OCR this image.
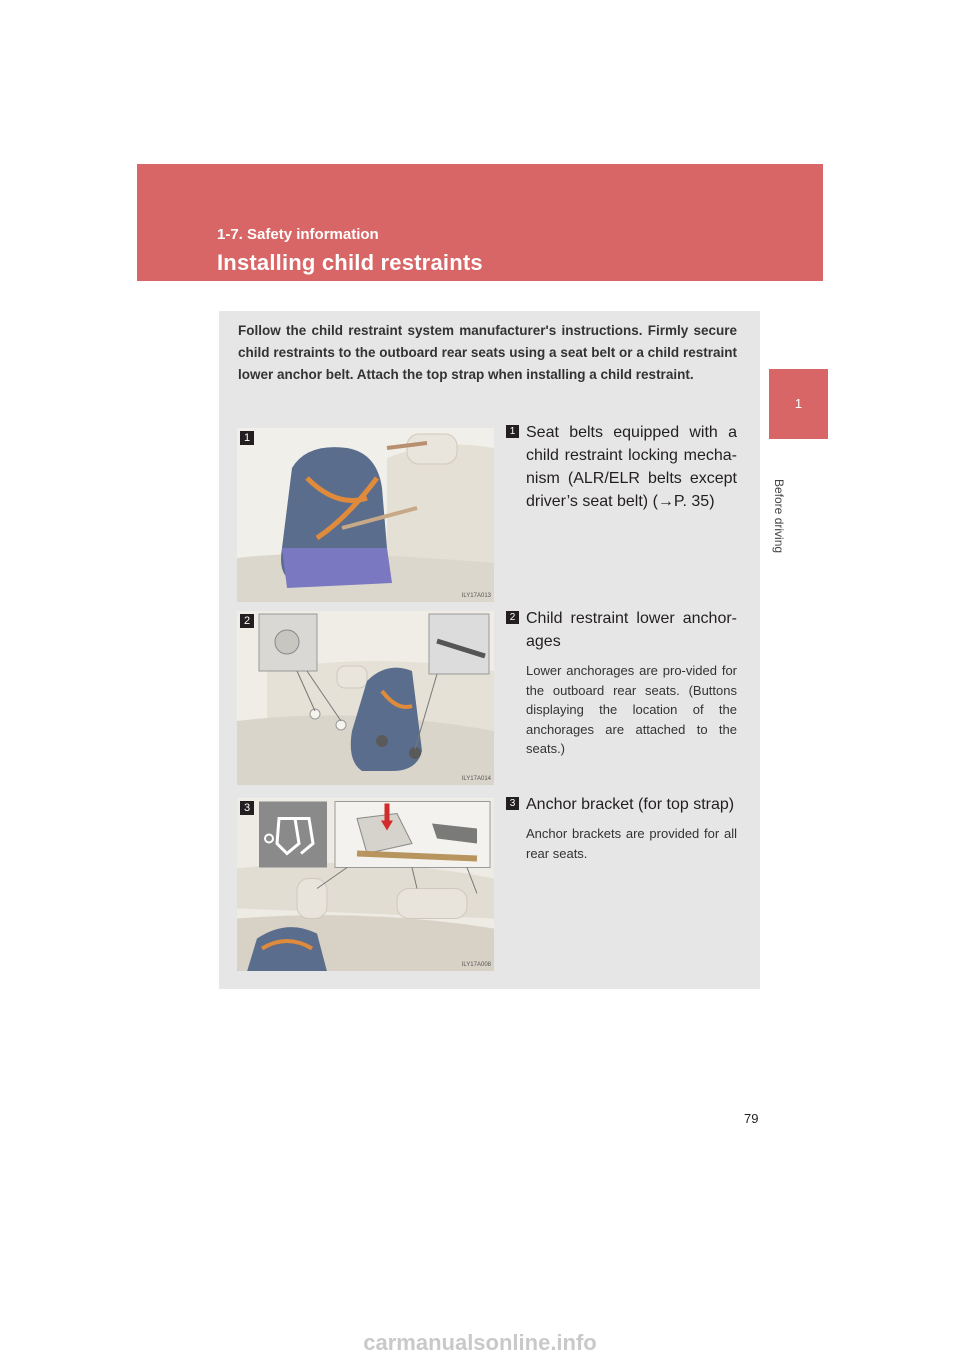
1-7. Safety information
Installing child restraints
1
Before driving
Follow the child restraint system manufacturer's instructions. Firmly secure child restraints to the outboard rear seats using a seat belt or a child restraint lower anchor belt. Attach the top strap when installing a child restraint.
1
ILY17A013
1 Seat belts equipped with a child restraint locking mecha-nism (ALR/ELR belts except driver’s seat belt) (→P. 35)
2
ILY17A014
2 Child restraint lower anchor-ages
Lower anchorages are pro-vided for the outboard rear seats. (Buttons displaying the location of the anchorages are attached to the seats.)
3
ILY17A008
3 Anchor bracket (for top strap)
Anchor brackets are provided for all rear seats.
79
carmanualsonline.info
